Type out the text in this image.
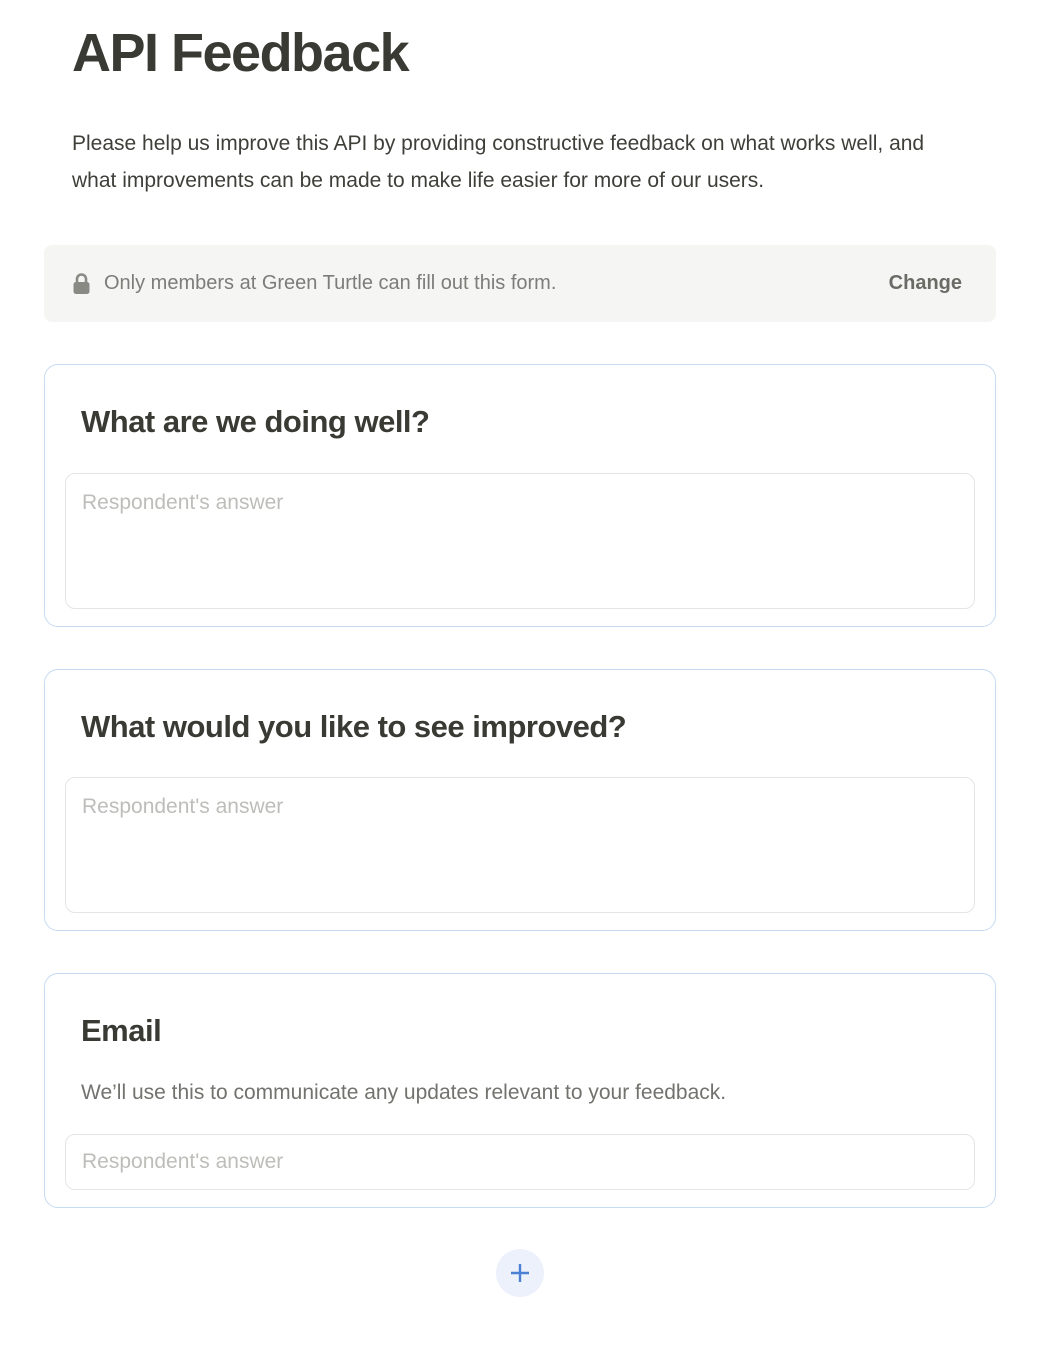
API Feedback

Please help us improve this API by providing constructive feedback on what works well, and what improvements can be made to make life easier for more of our users.

Only members at Green Turtle can fill out this form.	Change
What are we doing well?
Respondent's answer
What would you like to see improved?
Respondent's answer
Email

We’ll use this to communicate any updates relevant to your feedback.

Respondent's answer
